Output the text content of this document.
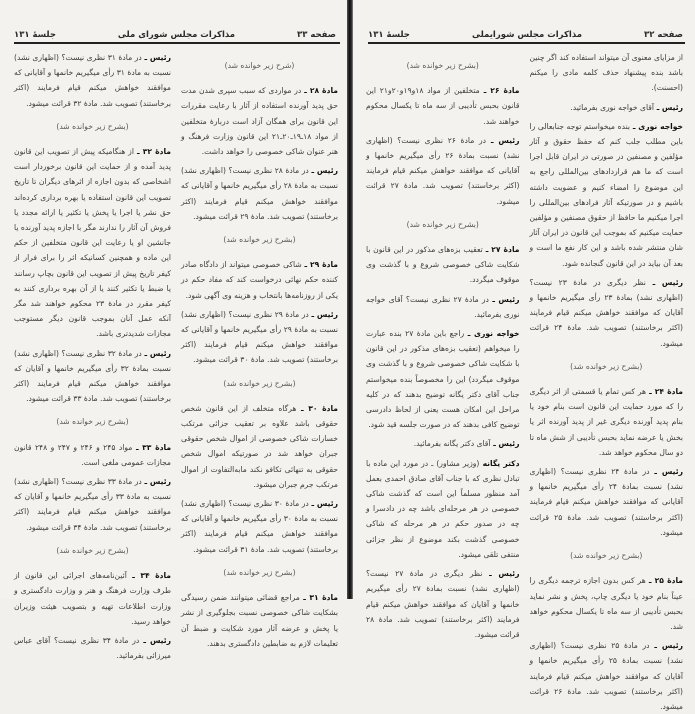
صفحه ۳۳
مذاکرات مجلس شورای ملی
جلسهٔ ۱۳۱

(شرح زیر خوانده شد)

مادهٔ ۲۸ ـ در مواردی که سبب سپری شدن مدت حق پدید آورنده استفاده از آثار با رعایت مقررات این قانون برای همگان آزاد است دربارهٔ متخلفین از مواد ۱۸ـ۱۹ـ۲۰ـ۲۱ این قانون وزارت فرهنگ و هنر عنوان شاکی خصوصی را خواهد داشت.

رئیس ـ در مادهٔ ۲۸ نظری نیست؟ (اظهاری نشد) نسبت به مادهٔ ۲۸ رأی میگیریم خانمها و آقایانی که موافقند خواهش میکنم قیام فرمایند (اکثر برخاستند) تصویب شد. مادهٔ ۲۹ قرائت میشود.

(بشرح زیر خوانده شد)

مادهٔ ۲۹ ـ شاکی خصوصی میتواند از دادگاه صادر کننده حکم نهائی درخواست کند که مفاد حکم در یکی از روزنامه‌ها بانتخاب و هزینه وی آگهی شود.

رئیس ـ در مادهٔ ۲۹ نظری نیست؟ (اظهاری نشد) نسبت به مادهٔ ۲۹ رأی میگیریم خانمها و آقایانی که موافقند خواهش میکنم قیام فرمایند (اکثر برخاستند) تصویب شد. مادهٔ ۳۰ قرائت میشود.

(بشرح زیر خوانده شد)

مادهٔ ۳۰ ـ هرگاه متخلف از این قانون شخص حقوقی باشد علاوه بر تعقیب جزائی مرتکب خسارات شاکی خصوصی از اموال شخص حقوقی جبران خواهد شد در صورتیکه اموال شخص حقوقی به تنهائی تکافو نکند مابه‌التفاوت از اموال مرتکب جرم جبران میشود.

رئیس ـ در مادهٔ ۳۰ نظری نیست؟ (اظهاری نشد) نسبت به مادهٔ ۳۰ رأی میگیریم خانمها و آقایانی که موافقند خواهش میکنم قیام فرمایند (اکثر برخاستند) تصویب شد. مادهٔ ۳۱ قرائت میشود.

(بشرح زیر خوانده شد)

مادهٔ ۳۱ ـ مراجع قضائی میتوانند ضمن رسیدگی بشکایت شاکی خصوصی نسبت بجلوگیری از نشر یا پخش و عرضه آثار مورد شکایت و ضبط آن تعلیمات لازم به ضابطین دادگستری بدهند.

رئیس ـ در مادهٔ ۳۱ نظری نیست؟ (اظهاری نشد) نسبت به مادهٔ ۳۱ رأی میگیریم خانمها و آقایانی که موافقند خواهش میکنم قیام فرمایند (اکثر برخاستند) تصویب شد. مادهٔ ۳۲ قرائت میشود.

(بشرح زیر خوانده شد)

مادهٔ ۳۲ ـ از هنگامیکه پیش از تصویب این قانون پدید آمده و از حمایت این قانون برخوردار است اشخاصی که بدون اجازه از اثرهای دیگران تا تاریخ تصویب این قانون استفاده یا بهره برداری کرده‌اند حق نشر یا اجرا یا پخش یا تکثیر یا ارائه مجدد یا فروش آن آثار را ندارند مگر با اجازه پدید آورنده یا جانشین او یا رعایت این قانون متخلفین از حکم این ماده و همچنین کسانیکه اثر را برای فرار از کیفر تاریخ پیش از تصویب این قانون بچاپ رسانند یا ضبط یا تکثیر کنند یا از آن بهره برداری کنند به کیفر مقرر در مادهٔ ۲۳ محکوم خواهند شد مگر آنکه عمل آنان بموجب قانون دیگر مستوجب مجازات شدیدتری باشد.

رئیس ـ در مادهٔ ۳۲ نظری نیست؟ (اظهاری نشد) نسبت بمادهٔ ۳۲ رأی میگیریم خانمها و آقایان که موافقند خواهش میکنم قیام فرمایند (اکثر برخاستند) تصویب شد. مادهٔ ۳۳ قرائت میشود.

(بشرح زیر خوانده شد)

مادهٔ ۳۳ ـ مواد ۲۴۵ و ۲۴۶ و ۲۴۷ و ۲۴۸ قانون مجازات عمومی ملغی است.

رئیس ـ در مادهٔ ۳۳ نظری نیست؟ (اظهاری نشد) نسبت به مادهٔ ۳۳ رأی میگیریم خانمها و آقایان که موافقند خواهش میکنم قیام فرمایند (اکثر برخاستند) تصویب شد. مادهٔ ۳۴ قرائت میشود.

(بشرح زیر خوانده شد)

مادهٔ ۳۴ ـ آئین‌نامه‌های اجرائی این قانون از طرف وزارت فرهنگ و هنر و وزارت دادگستری و وزارت اطلاعات تهیه و بتصویب هیئت وزیران خواهد رسید.

رئیس ـ در مادهٔ ۳۴ نظری نیست؟ آقای عباس میرزائی بفرمائید.

صفحه ۳۲
مذاکرات مجلس شورایملی
جلسهٔ ۱۳۱

از مزایای معنوی آن میتواند استفاده کند اگر چنین باشد بنده پیشنهاد حذف کلمه مادی را میکنم (احسنت).

رئیس ـ آقای خواجه نوری بفرمائید.

خواجه نوری ـ بنده میخواستم توجه جنابعالی را باین مطلب جلب کنم که حفظ حقوق و آثار مؤلفین و مصنفین در صورتی در ایران قابل اجرا است که ما هم قراردادهای بین‌المللی راجع به این موضوع را امضاء کنیم و عضویت داشته باشیم و در صورتیکه آثار فرادهای بین‌المللی را اجرا میکنیم ما حافظ از حقوق مصنفین و مؤلفین حمایت میکنیم که بموجب این قانون در ایران آثار شان منتشر شده باشد و این کار نفع ما است و بعد آن بیاید در این قانون گنجانده شود.

رئیس ـ نظر دیگری در مادهٔ ۲۳ نیست؟ (اظهاری نشد) بمادهٔ ۲۳ رأی میگیریم خانمها و آقایان که موافقند خواهش میکنم قیام فرمایند (اکثر برخاستند) تصویب شد. مادهٔ ۲۴ قرائت میشود.

(بشرح زیر خوانده شد)

مادهٔ ۲۴ ـ هر کس تمام یا قسمتی از اثر دیگری را که مورد حمایت این قانون است بنام خود یا بنام پدید آورنده دیگری غیر از پدید آورنده اثر یا بخش یا عرضه نماید بحبس تأدیبی از شش ماه تا دو سال محکوم خواهد شد.

رئیس ـ در مادهٔ ۲۴ نظری نیست؟ (اظهاری نشد) نسبت بمادهٔ ۲۴ رأی میگیریم خانمها و آقایانی که موافقند خواهش میکنم قیام فرمایند (اکثر برخاستند) تصویب شد. مادهٔ ۲۵ قرائت میشود.

(بشرح زیر خوانده شد)

مادهٔ ۲۵ ـ هر کس بدون اجازه ترجمه دیگری را عیناً بنام خود یا دیگری چاپ، پخش و نشر نماید بحبس تأدیبی از سه ماه تا یکسال محکوم خواهد شد.

رئیس ـ در مادهٔ ۲۵ نظری نیست؟ (اظهاری نشد) نسبت بمادهٔ ۲۵ رأی میگیریم خانمها و آقایان که موافقند خواهش میکنم قیام فرمایند (اکثر برخاستند) تصویب شد. مادهٔ ۲۶ قرائت میشود.

(بشرح زیر خوانده شد)

مادهٔ ۲۶ ـ متخلفین از مواد ۱۸و۱۹و۲۰و۲۱ این قانون بحبس تأدیبی از سه ماه تا یکسال محکوم خواهند شد.

رئیس ـ در مادهٔ ۲۶ نظری نیست؟ (اظهاری نشد) نسبت بمادهٔ ۲۶ رأی میگیریم خانمها و آقایانی که موافقند خواهش میکنم قیام فرمایند (اکثر برخاستند) تصویب شد. مادهٔ ۲۷ قرائت میشود.

(بشرح زیر خوانده شد)

مادهٔ ۲۷ ـ تعقیب بزه‌های مذکور در این قانون با شکایت شاکی خصوصی شروع و با گذشت وی موقوف میگردد.

رئیس ـ در مادهٔ ۲۷ نظری نیست؟ آقای خواجه نوری بفرمائید.

خواجه نوری ـ راجع باین مادهٔ ۲۷ بنده عبارت را میخواهم (تعقیب بزه‌های مذکور در این قانون با شکایت شاکی خصوصی شروع و با گذشت وی موقوف میگردد) این را مخصوصاً بنده میخواستم جناب آقای دکتر یگانه توضیح بدهند که در کلیه مراحل این امکان هست یعنی از لحاظ دادرسی توضیح کافی بدهند که در صورت جلسه قید شود.

رئیس ـ آقای دکتر یگانه بفرمائید.

دکتر یگانه (وزیر مشاور) ـ در مورد این ماده با تبادل نظری که با جناب آقای صادق احمدی بعمل آمد منظور مسلماً این است که گذشت شاکی خصوصی در هر مرحله‌ای باشد چه در دادسرا و چه در صدور حکم در هر مرحله که شاکی خصوصی گذشت بکند موضوع از نظر جزائی منتفی تلقی میشود.

رئیس ـ نظر دیگری در مادهٔ ۲۷ نیست؟ (اظهاری نشد) نسبت بمادهٔ ۲۷ رأی میگیریم خانمها و آقایان که موافقند خواهش میکنم قیام فرمایند (اکثر برخاستند) تصویب شد. مادهٔ ۲۸ قرائت میشود.
